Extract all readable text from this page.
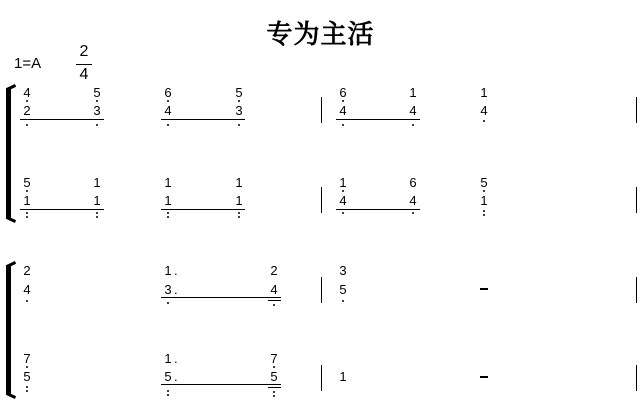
专为主活
1=A
2
4
4	5	6	5	6	1	1
2	3	4	3	4	4	4
5	1	1	1	1	6	5
1	1	1	1	4	4	1
2	1 .	2	3
4	3 .	4	5
7	1 .	7
5	5 .	5	1
